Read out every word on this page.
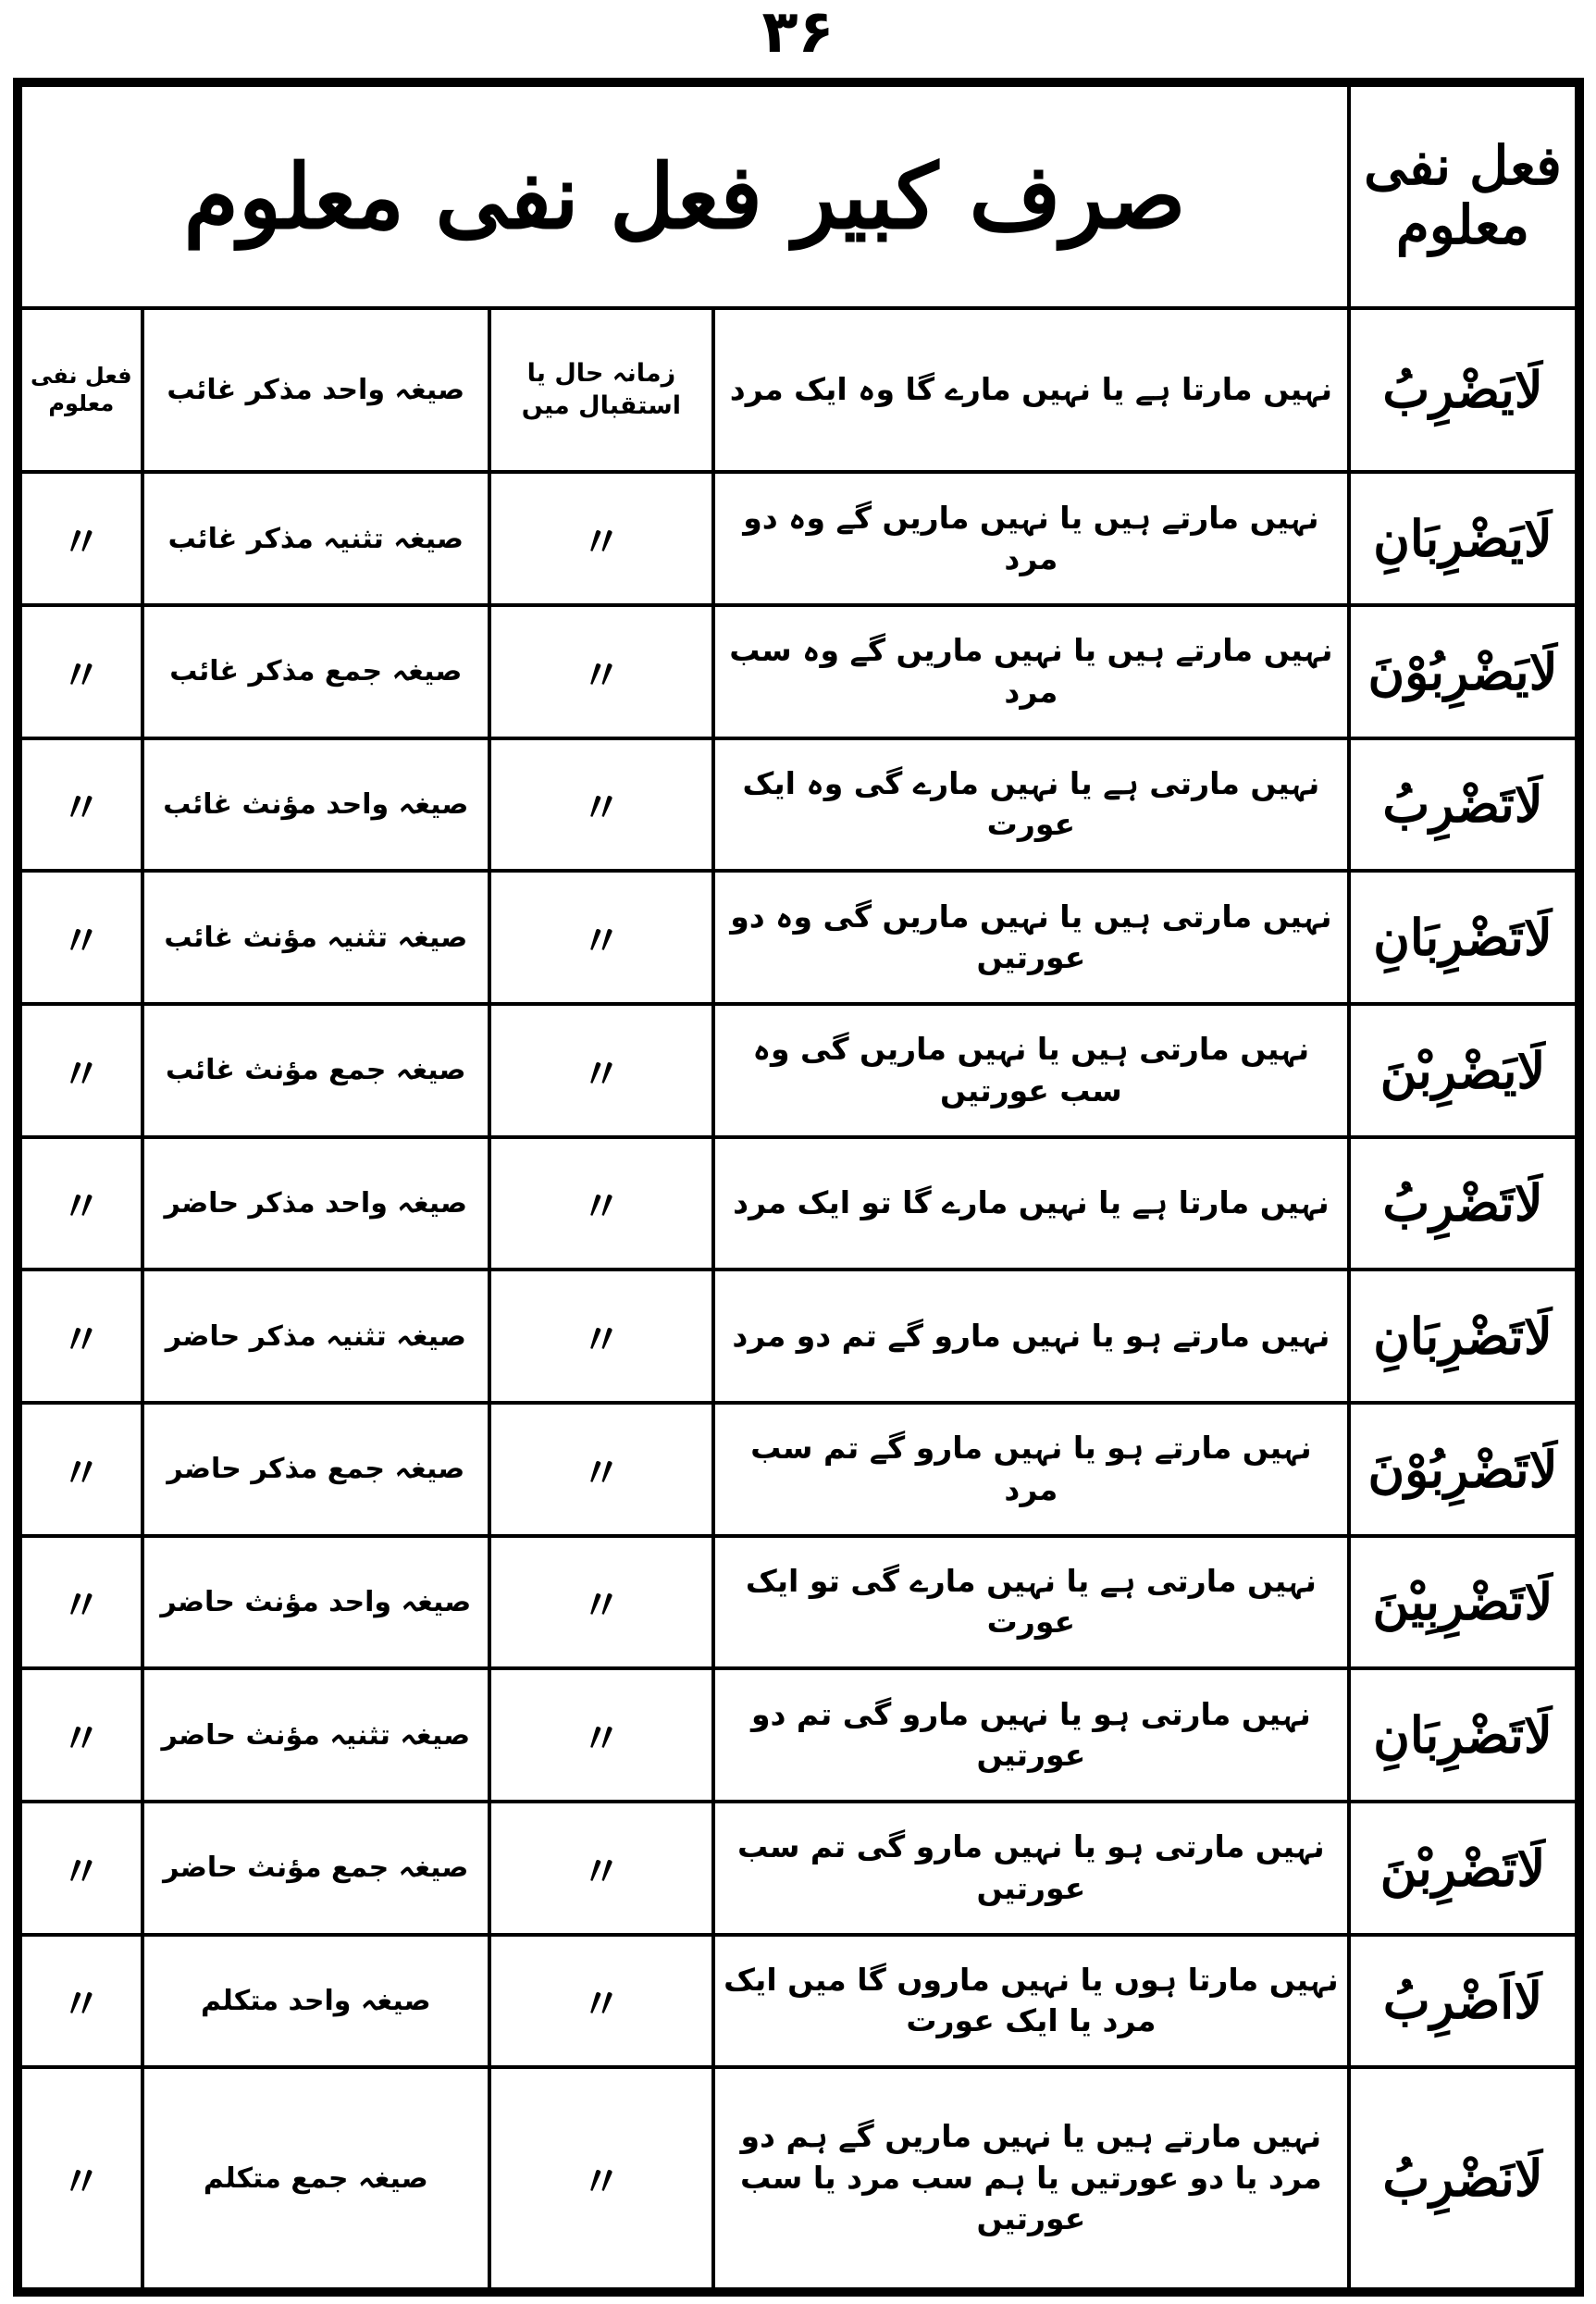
۳۶
فعل نفی معلوم	صرف کبیر فعل نفی معلوم			
لَایَضْرِبُ	نہیں مارتا ہے یا نہیں مارے گا وہ ایک مرد	زمانہ حال یا استقبال میں	صیغہ واحد مذکر غائب	فعل نفی معلوم
لَایَضْرِبَانِ	نہیں مارتے ہیں یا نہیں ماریں گے وہ دو مرد	〃	صیغہ تثنیہ مذکر غائب	〃
لَایَضْرِبُوْنَ	نہیں مارتے ہیں یا نہیں ماریں گے وہ سب مرد	〃	صیغہ جمع مذکر غائب	〃
لَاتَضْرِبُ	نہیں مارتی ہے یا نہیں مارے گی وہ ایک عورت	〃	صیغہ واحد مؤنث غائب	〃
لَاتَضْرِبَانِ	نہیں مارتی ہیں یا نہیں ماریں گی وہ دو عورتیں	〃	صیغہ تثنیہ مؤنث غائب	〃
لَایَضْرِبْنَ	نہیں مارتی ہیں یا نہیں ماریں گی وہ سب عورتیں	〃	صیغہ جمع مؤنث غائب	〃
لَاتَضْرِبُ	نہیں مارتا ہے یا نہیں مارے گا تو ایک مرد	〃	صیغہ واحد مذکر حاضر	〃
لَاتَضْرِبَانِ	نہیں مارتے ہو یا نہیں مارو گے تم دو مرد	〃	صیغہ تثنیہ مذکر حاضر	〃
لَاتَضْرِبُوْنَ	نہیں مارتے ہو یا نہیں مارو گے تم سب مرد	〃	صیغہ جمع مذکر حاضر	〃
لَاتَضْرِبِیْنَ	نہیں مارتی ہے یا نہیں مارے گی تو ایک عورت	〃	صیغہ واحد مؤنث حاضر	〃
لَاتَضْرِبَانِ	نہیں مارتی ہو یا نہیں مارو گی تم دو عورتیں	〃	صیغہ تثنیہ مؤنث حاضر	〃
لَاتَضْرِبْنَ	نہیں مارتی ہو یا نہیں مارو گی تم سب عورتیں	〃	صیغہ جمع مؤنث حاضر	〃
لَااَضْرِبُ	نہیں مارتا ہوں یا نہیں ماروں گا میں ایک مرد یا ایک عورت	〃	صیغہ واحد متکلم	〃
لَانَضْرِبُ	نہیں مارتے ہیں یا نہیں ماریں گے ہم دو مرد یا دو عورتیں یا ہم سب مرد یا سب عورتیں	〃	صیغہ جمع متکلم	〃
